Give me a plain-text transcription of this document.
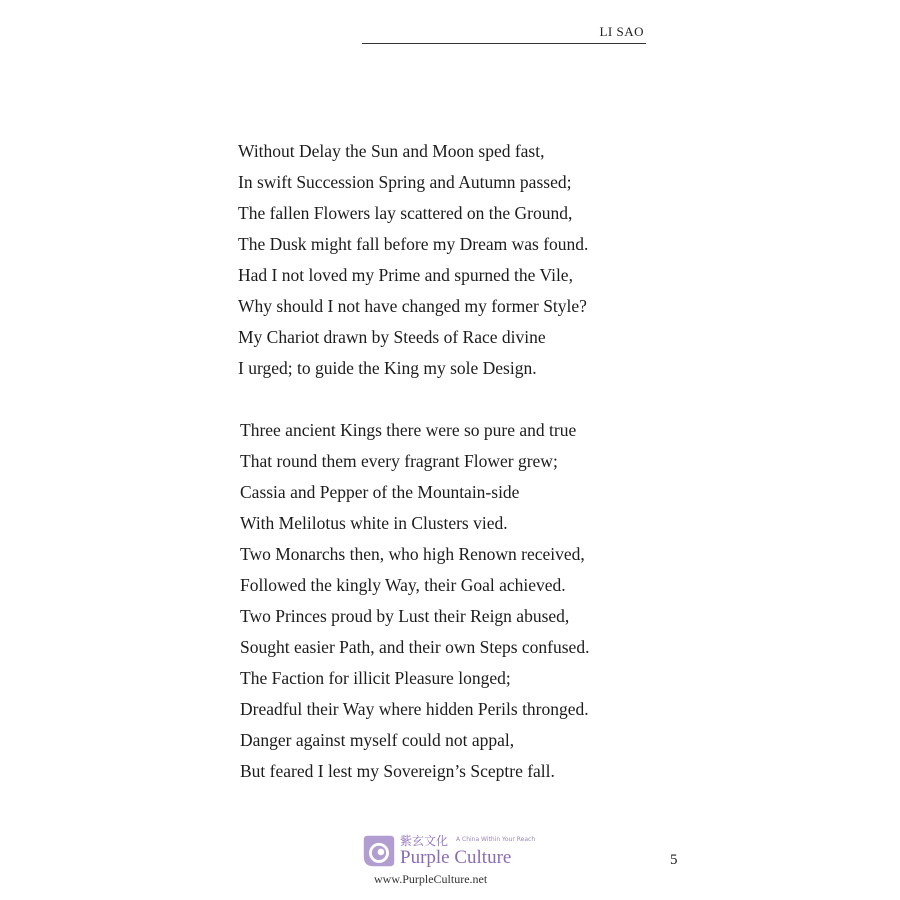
LI SAO
Without Delay the Sun and Moon sped fast,
In swift Succession Spring and Autumn passed;
The fallen Flowers lay scattered on the Ground,
The Dusk might fall before my Dream was found.
Had I not loved my Prime and spurned the Vile,
Why should I not have changed my former Style?
My Chariot drawn by Steeds of Race divine
I urged; to guide the King my sole Design.
Three ancient Kings there were so pure and true
That round them every fragrant Flower grew;
Cassia and Pepper of the Mountain-side
With Melilotus white in Clusters vied.
Two Monarchs then, who high Renown received,
Followed the kingly Way, their Goal achieved.
Two Princes proud by Lust their Reign abused,
Sought easier Path, and their own Steps confused.
The Faction for illicit Pleasure longed;
Dreadful their Way where hidden Perils thronged.
Danger against myself could not appal,
But feared I lest my Sovereign’s Sceptre fall.
紫玄文化 A China Within Your Reach
Purple Culture
www.PurpleCulture.net
5
